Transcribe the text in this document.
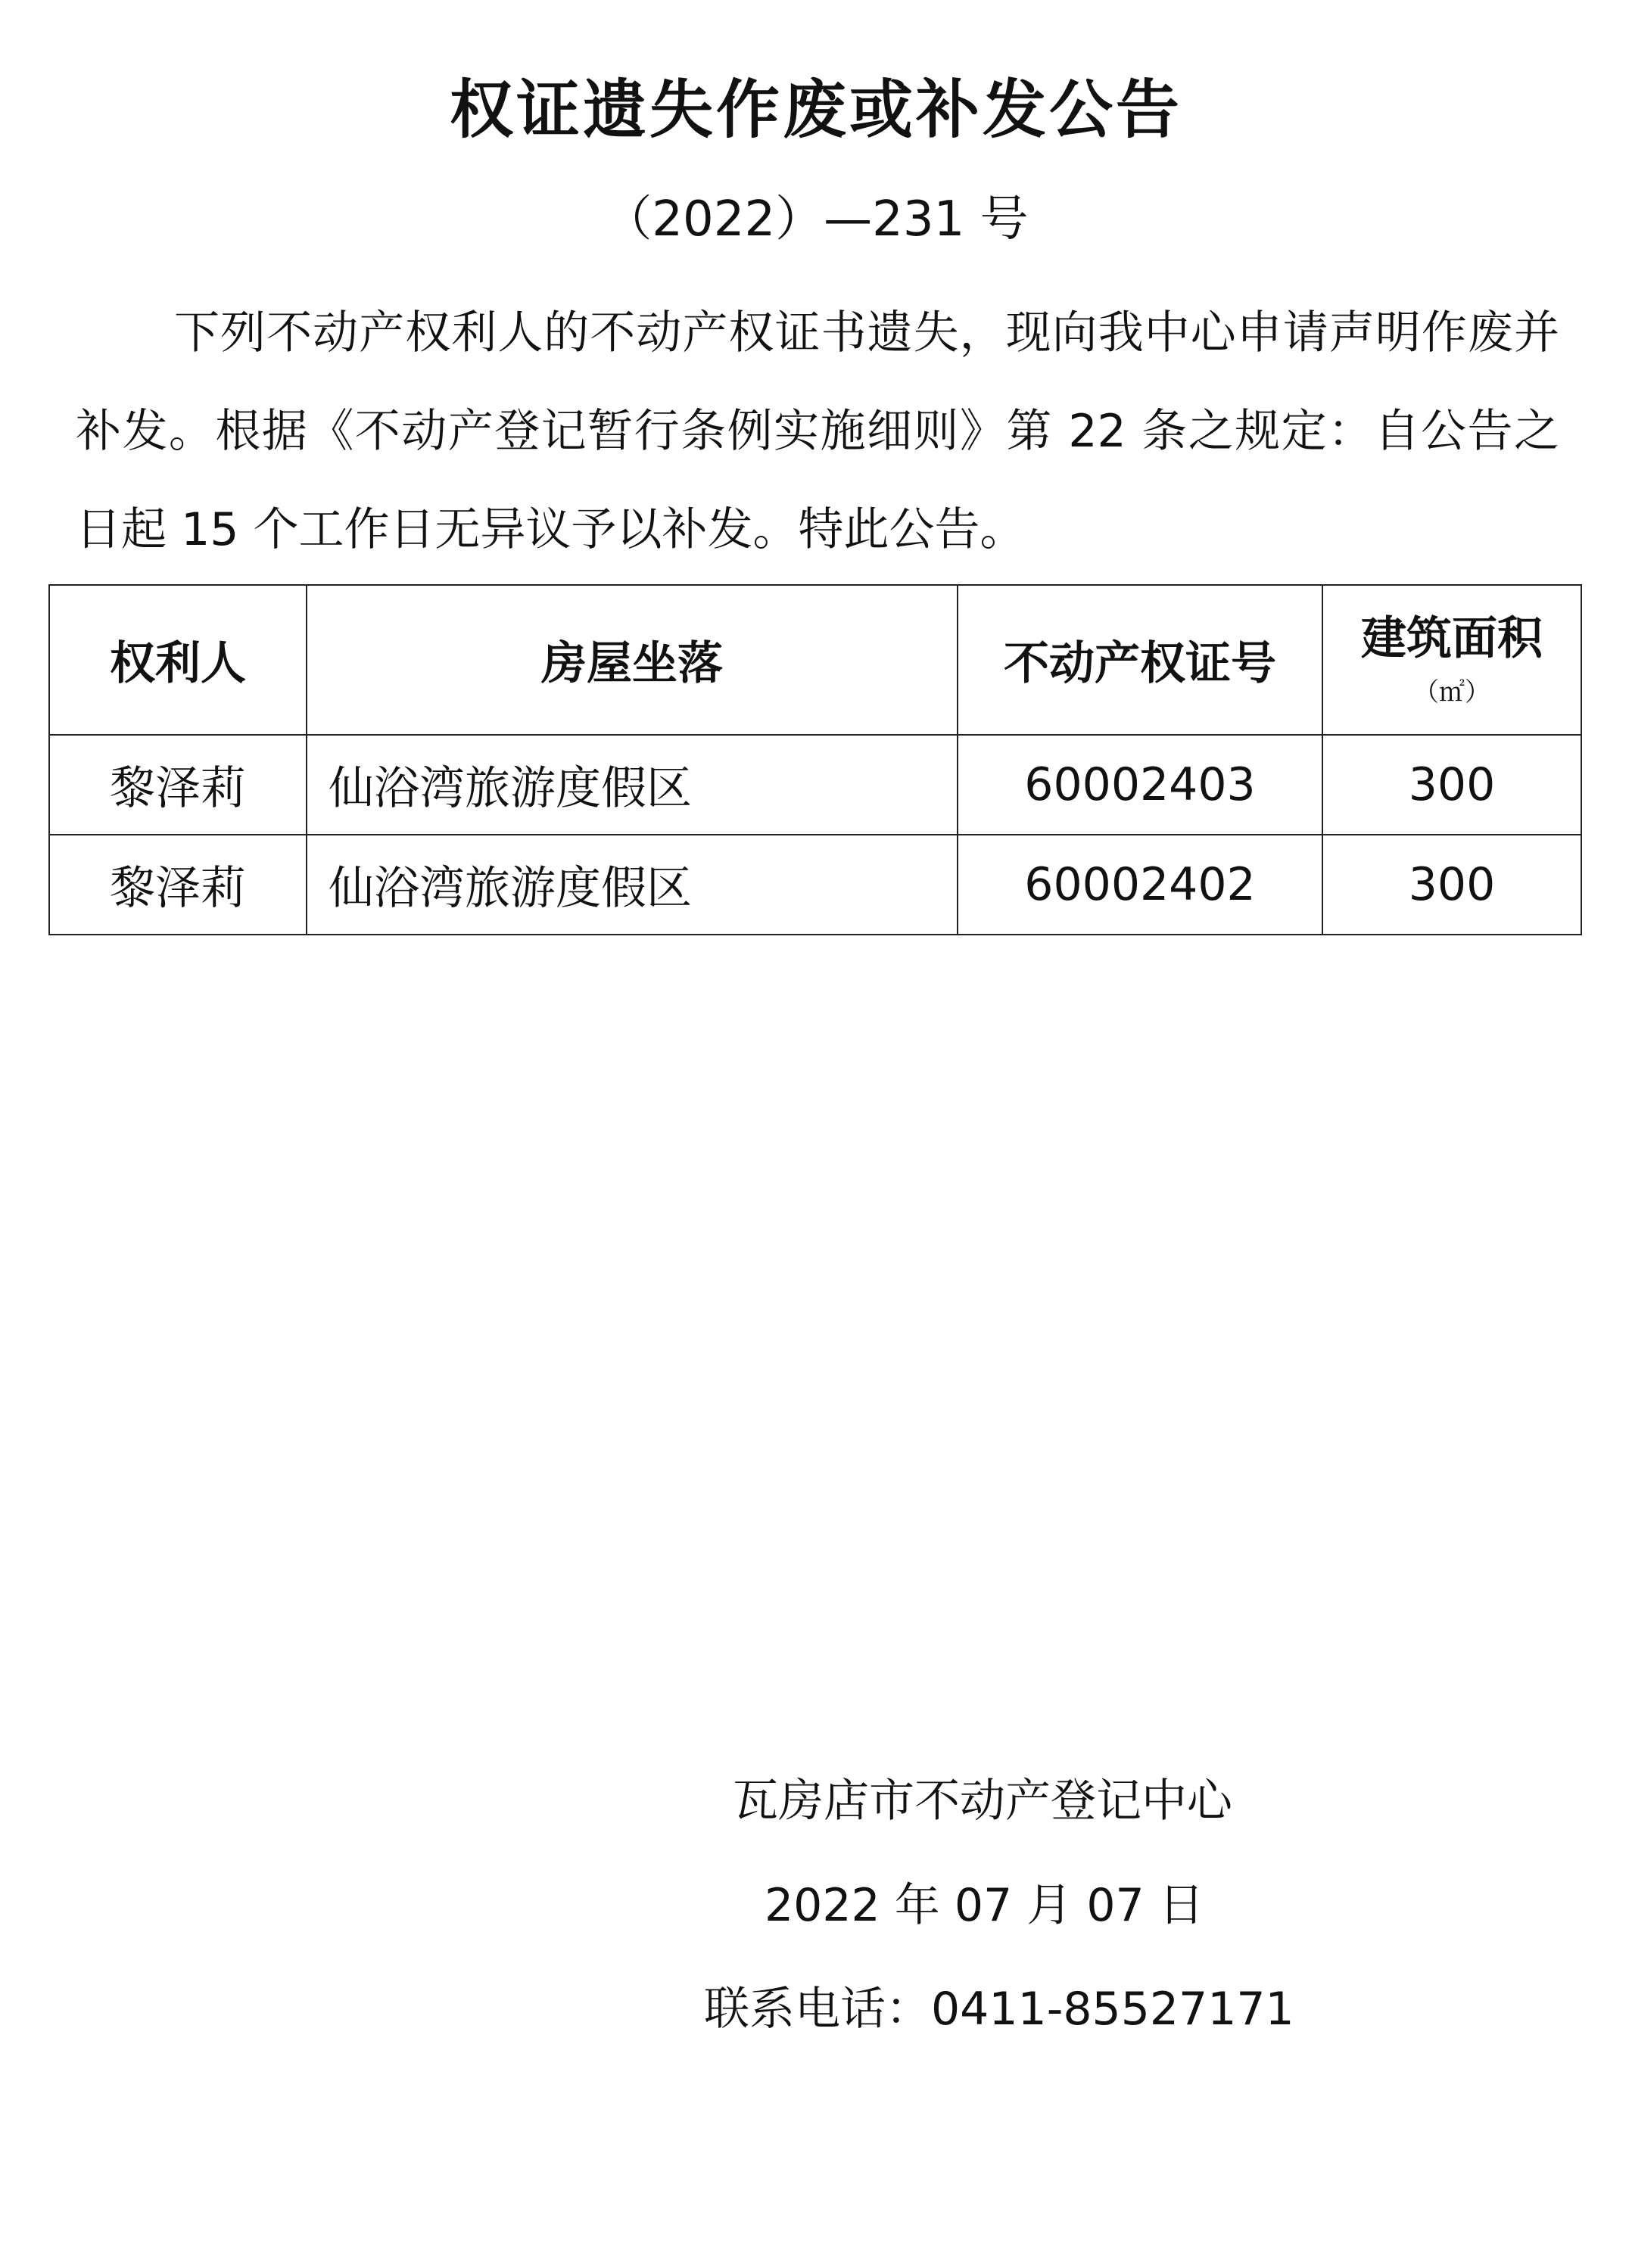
权证遗失作废或补发公告
（2022）—231 号
下列不动产权利人的不动产权证书遗失，现向我中心申请声明作废并补发。根据《不动产登记暂行条例实施细则》第 22 条之规定：自公告之日起 15 个工作日无异议予以补发。特此公告。
权利人	房屋坐落	不动产权证号	建筑面积
（㎡）

黎泽莉	仙浴湾旅游度假区	60002403	300
黎泽莉	仙浴湾旅游度假区	60002402	300
瓦房店市不动产登记中心
2022 年 07 月 07 日
联系电话：0411-85527171
